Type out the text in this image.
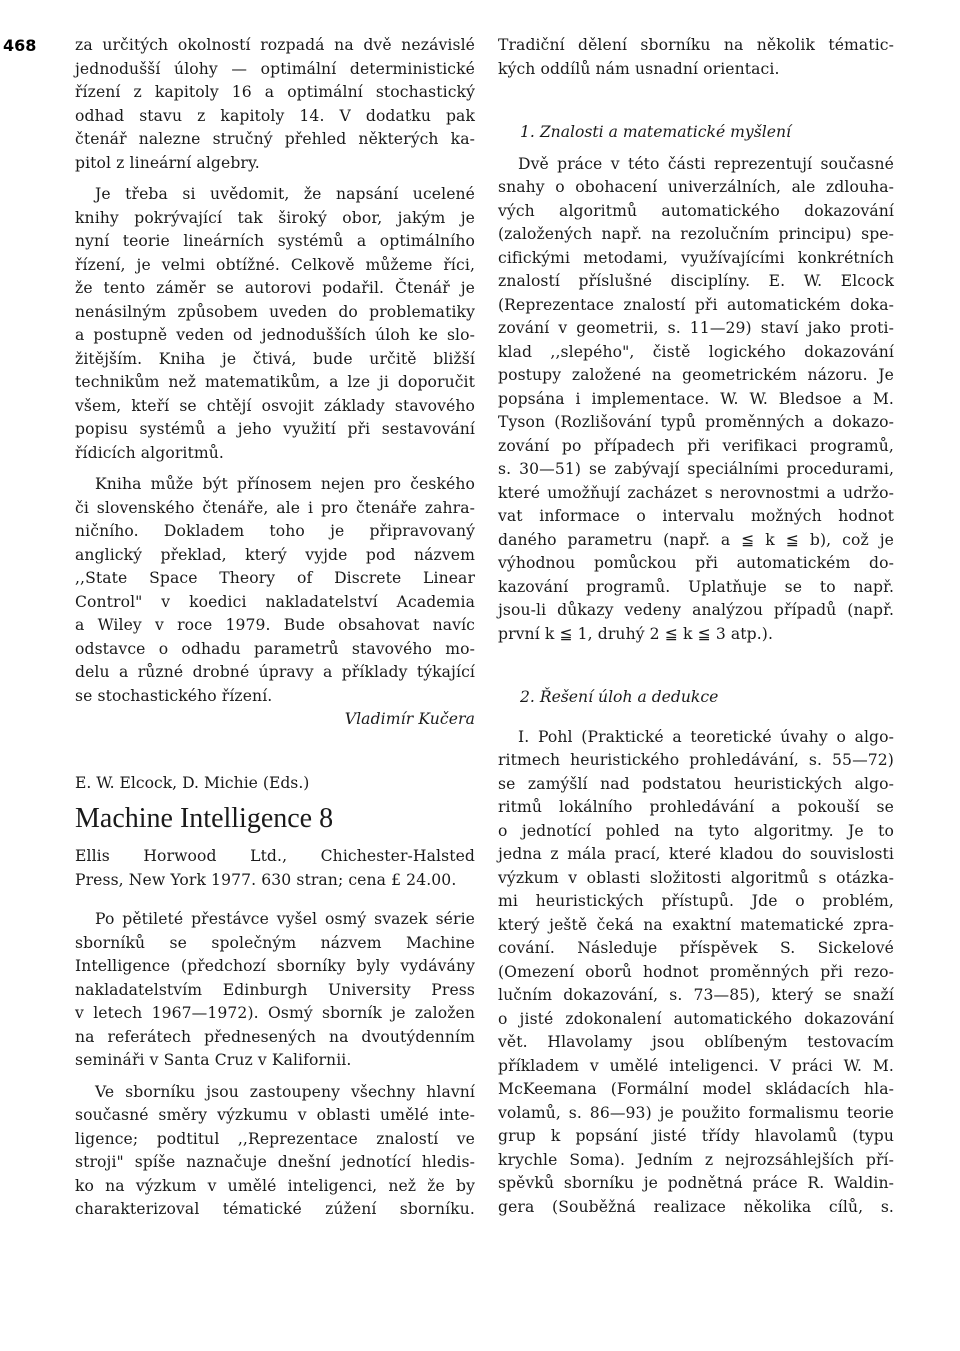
468 za určitých okolností rozpadá na dvě nezávislé
jednodušší úlohy — optimální deterministické
řízení z kapitoly 16 a optimální stochastický
odhad stavu z kapitoly 14. V dodatku pak
čtenář nalezne stručný přehled některých ka-
pitol z lineární algebry.
Je třeba si uvědomit, že napsání ucelené
knihy pokrývající tak široký obor, jakým je
nyní teorie lineárních systémů a optimálního
řízení, je velmi obtížné. Celkově můžeme říci,
že tento záměr se autorovi podařil. Čtenář je
nenásilným způsobem uveden do problematiky
a postupně veden od jednodušších úloh ke slo-
žitějším. Kniha je čtivá, bude určitě bližší
technikům než matematikům, a lze ji doporučit
všem, kteří se chtějí osvojit základy stavového
popisu systémů a jeho využití při sestavování
řídicích algoritmů.
Kniha může být přínosem nejen pro českého
či slovenského čtenáře, ale i pro čtenáře zahra-
ničního. Dokladem toho je připravovaný
anglický překlad, který vyjde pod názvem
,,State Space Theory of Discrete Linear
Control" v koedici nakladatelství Academia
a Wiley v roce 1979. Bude obsahovat navíc
odstavce o odhadu parametrů stavového mo-
delu a různé drobné úpravy a příklady týkající
se stochastického řízení.
Vladimír Kučera
E. W. Elcock, D. Michie (Eds.)
Machine Intelligence 8
Ellis Horwood Ltd., Chichester-Halsted
Press, New York 1977. 630 stran; cena £ 24.00.
Po pětileté přestávce vyšel osmý svazek série
sborníků se společným názvem Machine
Intelligence (předchozí sborníky byly vydávány
nakladatelstvím Edinburgh University Press
v letech 1967—1972). Osmý sborník je založen
na referátech přednesených na dvoutýdenním
semináři v Santa Cruz v Kalifornii.
Ve sborníku jsou zastoupeny všechny hlavní
současné směry výzkumu v oblasti umělé inte-
ligence; podtitul ,,Reprezentace znalostí ve
stroji" spíše naznačuje dnešní jednotící hledis-
ko na výzkum v umělé inteligenci, než že by
charakterizoval tématické zúžení sborníku.
Tradiční dělení sborníku na několik tématic-
kých oddílů nám usnadní orientaci.
1. Znalosti a matematické myšlení
Dvě práce v této části reprezentují současné
snahy o obohacení univerzálních, ale zdlouha-
vých algoritmů automatického dokazování
(založených např. na rezolučním principu) spe-
cifickými metodami, využívajícími konkrétních
znalostí příslušné disciplíny. E. W. Elcock
(Reprezentace znalostí při automatickém doka-
zování v geometrii, s. 11—29) staví jako proti-
klad ,,slepého", čistě logického dokazování
postupy založené na geometrickém názoru. Je
popsána i implementace. W. W. Bledsoe a M.
Tyson (Rozlišování typů proměnných a dokazo-
zování po případech při verifikaci programů,
s. 30—51) se zabývají speciálními procedurami,
které umožňují zacházet s nerovnostmi a udržo-
vat informace o intervalu možných hodnot
daného parametru (např. a ≦ k ≦ b), což je
výhodnou pomůckou při automatickém do-
kazování programů. Uplatňuje se to např.
jsou-li důkazy vedeny analýzou případů (např.
první k ≦ 1, druhý 2 ≦ k ≦ 3 atp.).
2. Řešení úloh a dedukce
I. Pohl (Praktické a teoretické úvahy o algo-
ritmech heuristického prohledávání, s. 55—72)
se zamýšlí nad podstatou heuristických algo-
ritmů lokálního prohledávání a pokouší se
o jednotící pohled na tyto algoritmy. Je to
jedna z mála prací, které kladou do souvislosti
výzkum v oblasti složitosti algoritmů s otázka-
mi heuristických přístupů. Jde o problém,
který ještě čeká na exaktní matematické zpra-
cování. Následuje příspěvek S. Sickelové
(Omezení oborů hodnot proměnných při rezo-
lučním dokazování, s. 73—85), který se snaží
o jisté zdokonalení automatického dokazování
vět. Hlavolamy jsou oblíbeným testovacím
příkladem v umělé inteligenci. V práci W. M.
McKeemana (Formální model skládacích hla-
volamů, s. 86—93) je použito formalismu teorie
grup k popsání jisté třídy hlavolamů (typu
krychle Soma). Jedním z nejrozsáhlejších pří-
spěvků sborníku je podnětná práce R. Waldin-
gera (Souběžná realizace několika cílů, s.
